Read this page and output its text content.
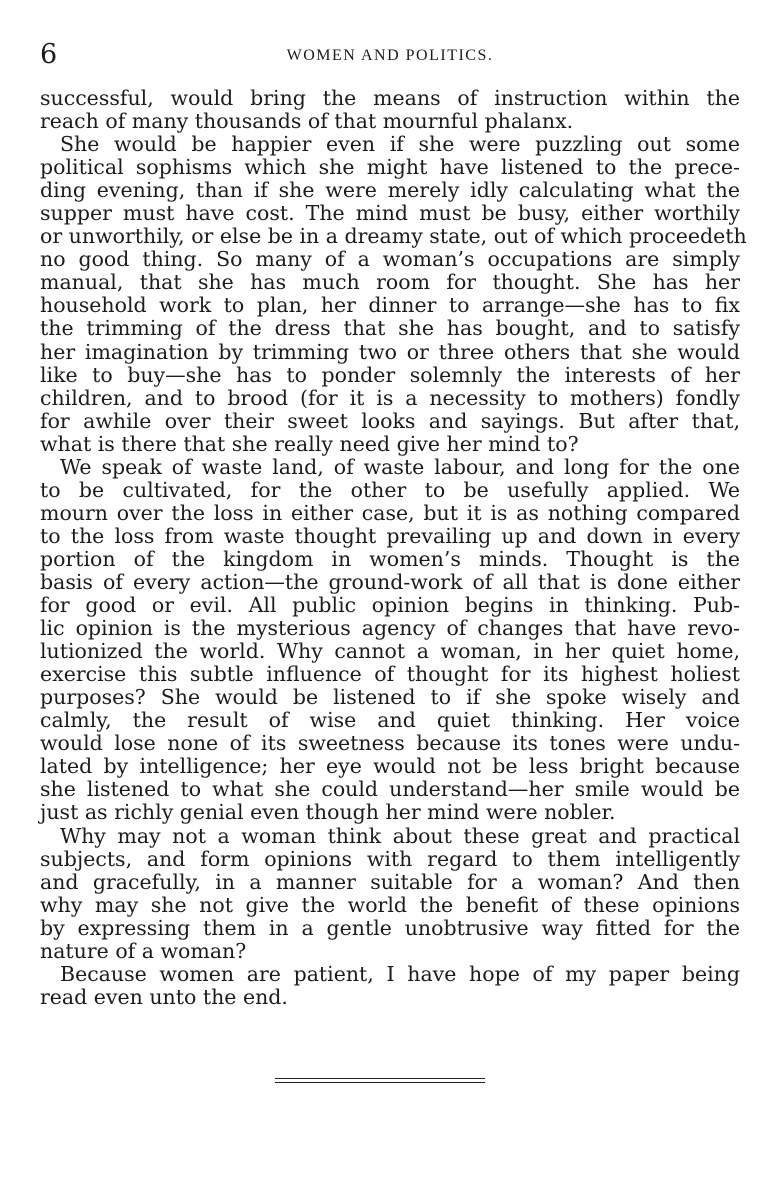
6	WOMEN AND POLITICS.
successful, would bring the means of instruction within the
reach of many thousands of that mournful phalanx.
She would be happier even if she were puzzling out some
political sophisms which she might have listened to the prece-
ding evening, than if she were merely idly calculating what the
supper must have cost. The mind must be busy, either worthily
or unworthily, or else be in a dreamy state, out of which proceedeth
no good thing. So many of a woman’s occupations are simply
manual, that she has much room for thought. She has her
household work to plan, her dinner to arrange—she has to fix
the trimming of the dress that she has bought, and to satisfy
her imagination by trimming two or three others that she would
like to buy—she has to ponder solemnly the interests of her
children, and to brood (for it is a necessity to mothers) fondly
for awhile over their sweet looks and sayings. But after that,
what is there that she really need give her mind to?
We speak of waste land, of waste labour, and long for the one
to be cultivated, for the other to be usefully applied. We
mourn over the loss in either case, but it is as nothing compared
to the loss from waste thought prevailing up and down in every
portion of the kingdom in women’s minds. Thought is the
basis of every action—the ground-work of all that is done either
for good or evil. All public opinion begins in thinking. Pub-
lic opinion is the mysterious agency of changes that have revo-
lutionized the world. Why cannot a woman, in her quiet home,
exercise this subtle influence of thought for its highest holiest
purposes? She would be listened to if she spoke wisely and
calmly, the result of wise and quiet thinking. Her voice
would lose none of its sweetness because its tones were undu-
lated by intelligence; her eye would not be less bright because
she listened to what she could understand—her smile would be
just as richly genial even though her mind were nobler.
Why may not a woman think about these great and practical
subjects, and form opinions with regard to them intelligently
and gracefully, in a manner suitable for a woman? And then
why may she not give the world the benefit of these opinions
by expressing them in a gentle unobtrusive way fitted for the
nature of a woman?
Because women are patient, I have hope of my paper being
read even unto the end.
